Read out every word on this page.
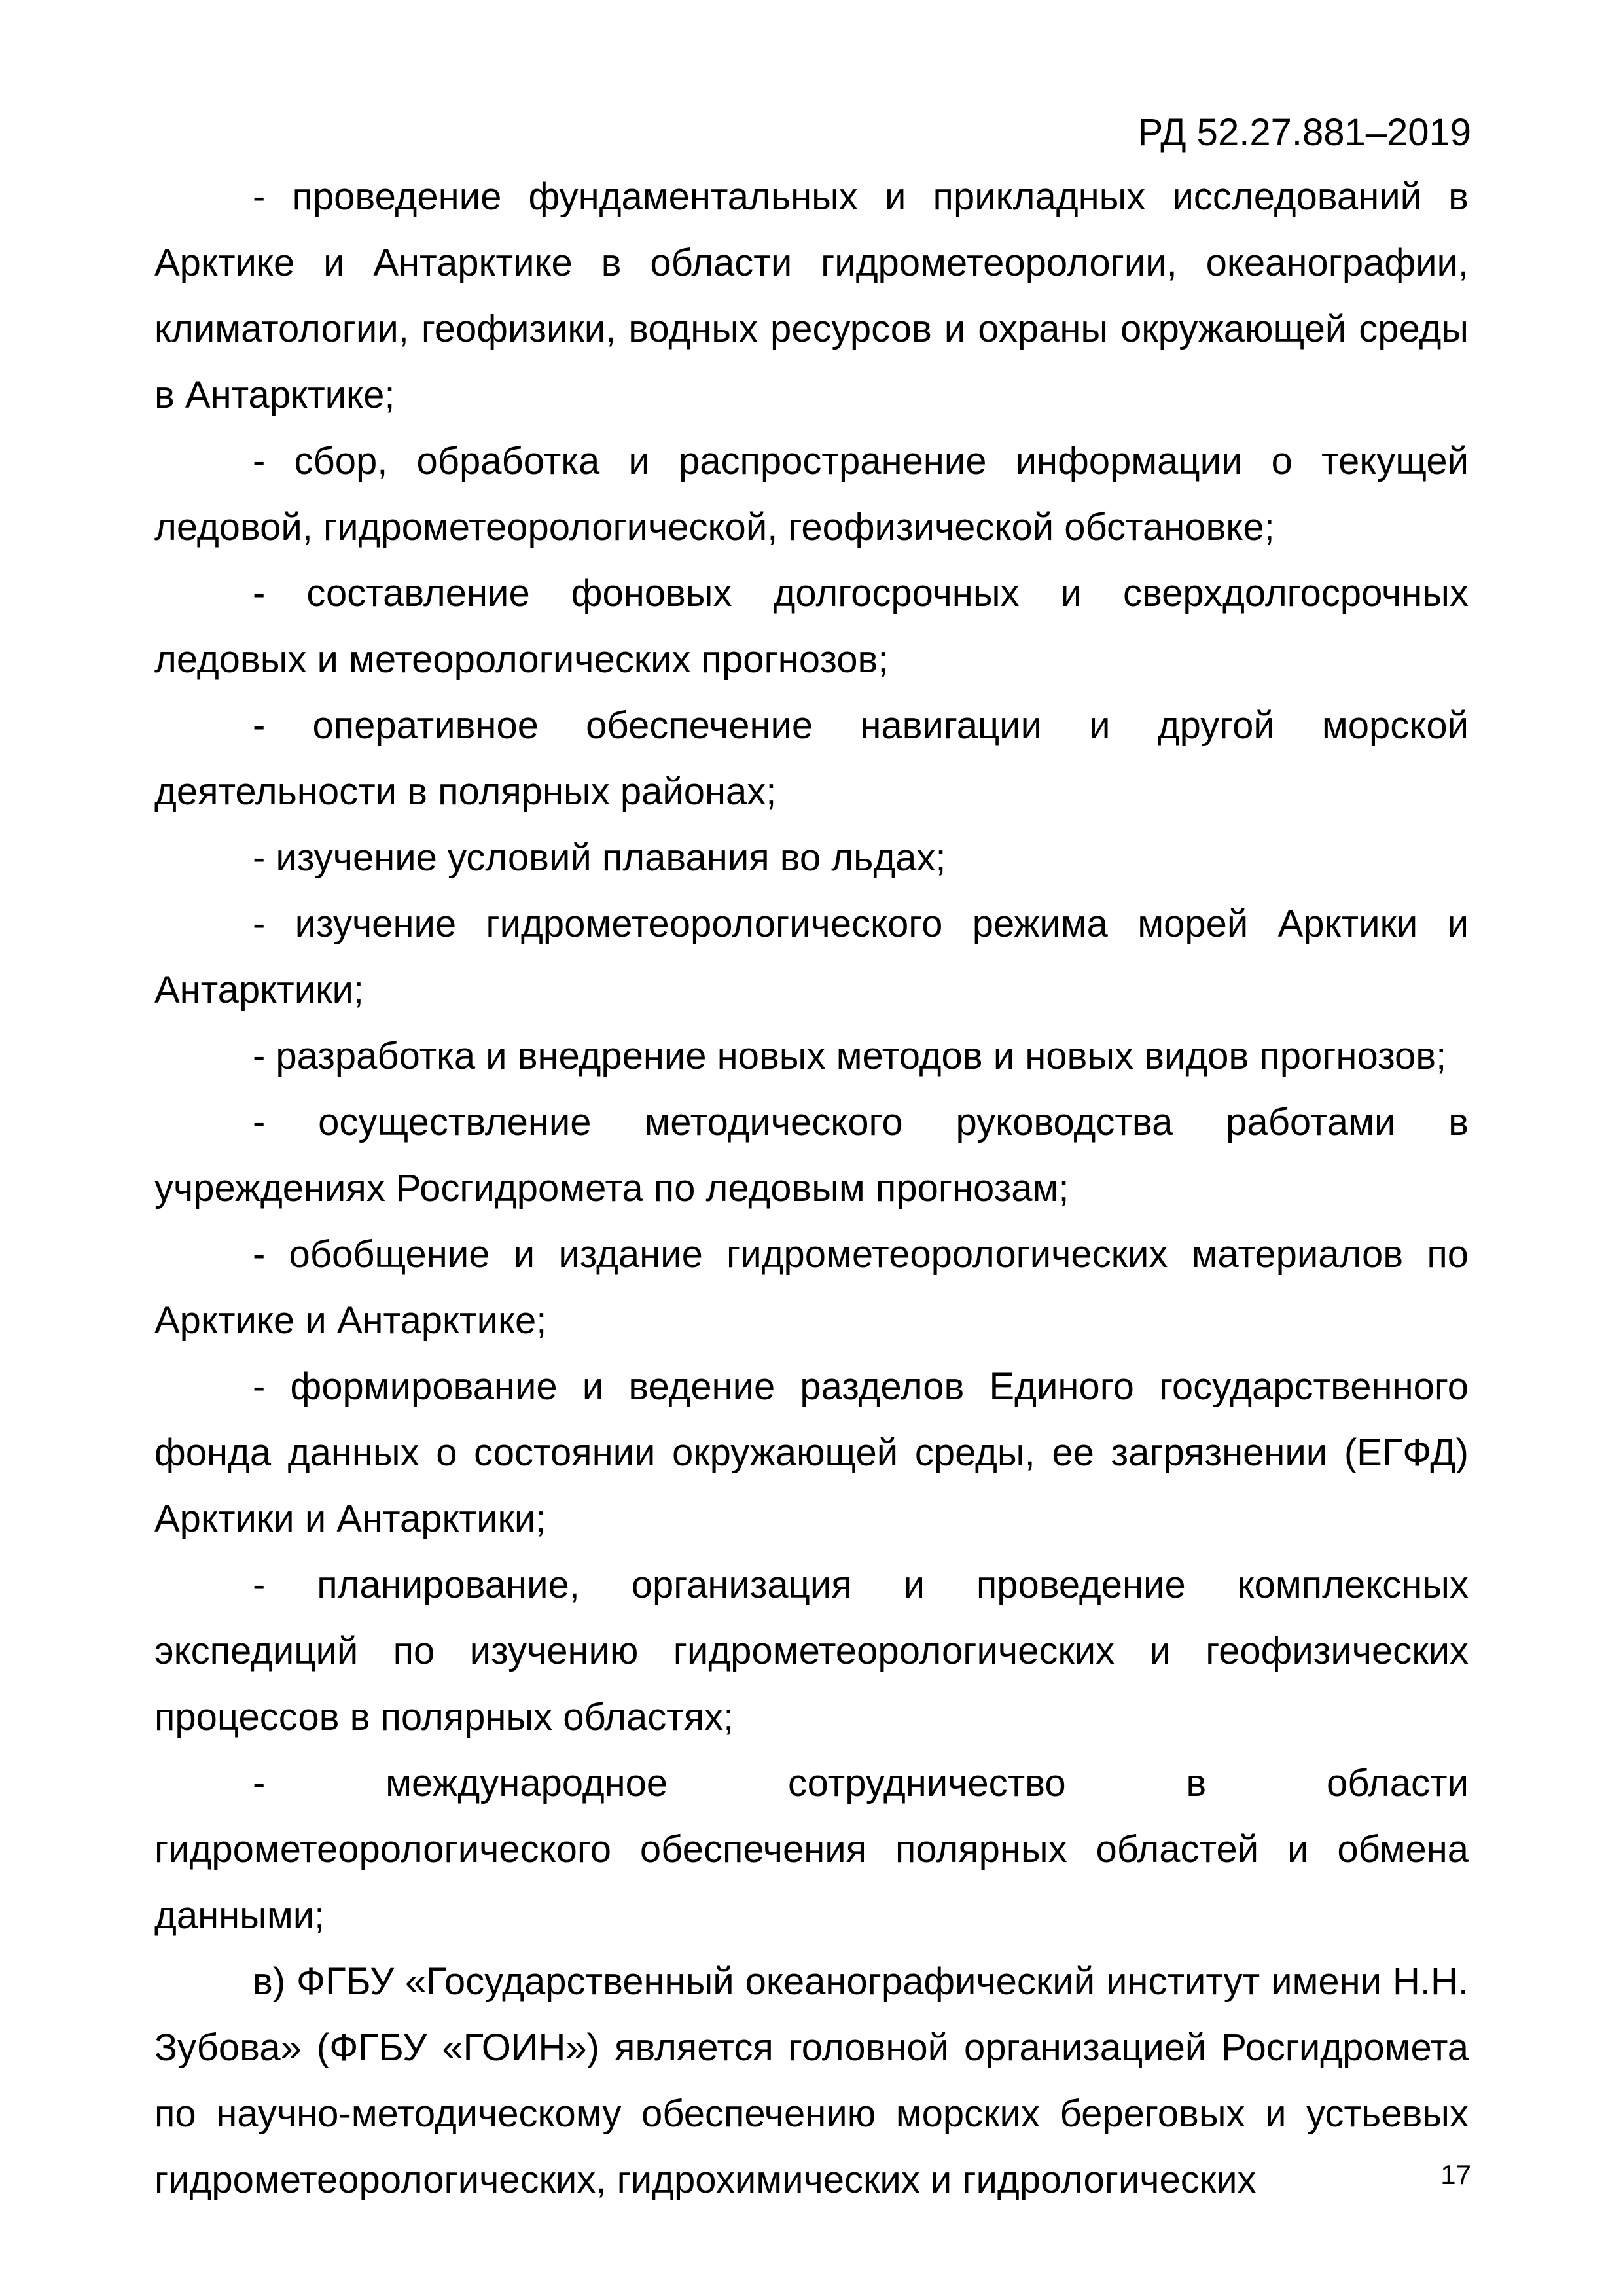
РД 52.27.881–2019

- проведение фундаментальных и прикладных исследований в Арктике и Антарктике в области гидрометеорологии, океанографии, климатологии, геофизики, водных ресурсов и охраны окружающей среды в Антарктике;

- сбор, обработка и распространение информации о текущей ледовой, гидрометеорологической, геофизической обстановке;

- составление фоновых долгосрочных и сверхдолгосрочных ледовых и метеорологических прогнозов;

- оперативное обеспечение навигации и другой морской деятельности в полярных районах;

- изучение условий плавания во льдах;

- изучение гидрометеорологического режима морей Арктики и Антарктики;

- разработка и внедрение новых методов и новых видов прогнозов;

- осуществление методического руководства работами в учреждениях Росгидромета по ледовым прогнозам;

- обобщение и издание гидрометеорологических материалов по Арктике и Антарктике;

- формирование и ведение разделов Единого государственного фонда данных о состоянии окружающей среды, ее загрязнении (ЕГФД) Арктики и Антарктики;

- планирование, организация и проведение комплексных экспедиций по изучению гидрометеорологических и геофизических процессов в полярных областях;

- международное сотрудничество в области гидрометеорологического обеспечения полярных областей и обмена данными;

в) ФГБУ «Государственный океанографический институт имени Н.Н. Зубова» (ФГБУ «ГОИН») является головной организацией Росгидромета по научно-методическому обеспечению морских береговых и устьевых гидрометеорологических, гидрохимических и гидрологических	17
